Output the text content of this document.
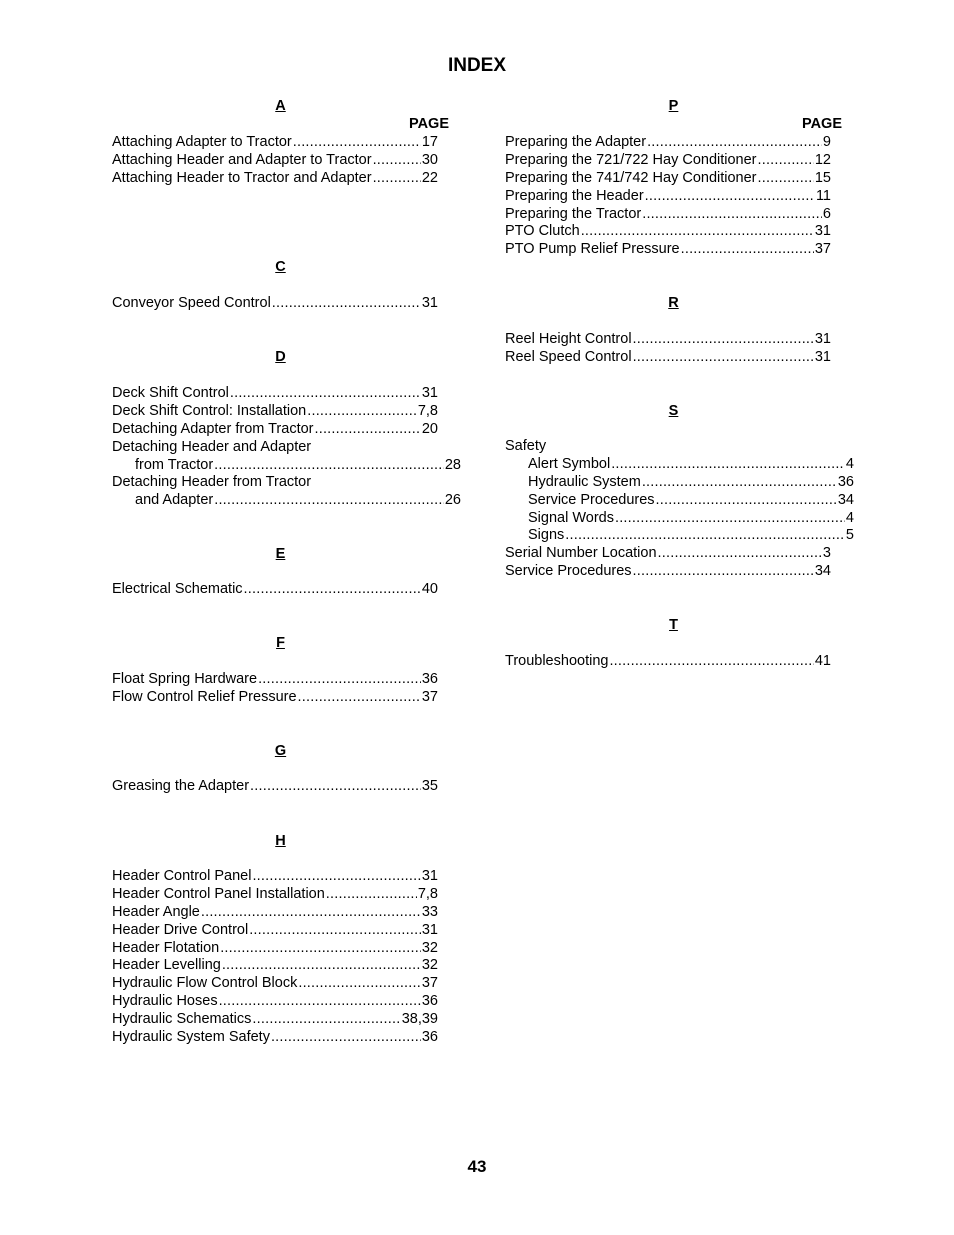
INDEX
A
PAGE
Attaching Adapter to Tractor .....	17
Attaching Header and Adapter to Tractor .....	30
Attaching Header to Tractor and Adapter .....	22
C
Conveyor Speed Control .....	31
D
Deck Shift Control .....	31
Deck Shift Control: Installation .....	7,8
Detaching Adapter from Tractor .....	20
Detaching Header and Adapter
from Tractor .....	28
Detaching Header from Tractor
and Adapter .....	26
E
Electrical Schematic .....	40
F
Float Spring Hardware .....	36
Flow Control Relief Pressure .....	37
G
Greasing the Adapter .....	35
H
Header Control Panel .....	31
Header Control Panel Installation .....	7,8
Header Angle .....	33
Header Drive Control .....	31
Header Flotation .....	32
Header Levelling .....	32
Hydraulic Flow Control Block .....	37
Hydraulic Hoses .....	36
Hydraulic Schematics .....	38,39
Hydraulic System Safety .....	36
P
PAGE
Preparing the Adapter .....	9
Preparing the 721/722 Hay Conditioner .....	12
Preparing the 741/742 Hay Conditioner .....	15
Preparing the Header .....	11
Preparing the Tractor .....	6
PTO Clutch .....	31
PTO Pump Relief Pressure .....	37
R
Reel Height Control .....	31
Reel Speed Control .....	31
S
Safety
Alert Symbol .....	4
Hydraulic System .....	36
Service Procedures .....	34
Signal Words .....	4
Signs .....	5
Serial Number Location .....	3
Service Procedures .....	34
T
Troubleshooting .....	41
43
